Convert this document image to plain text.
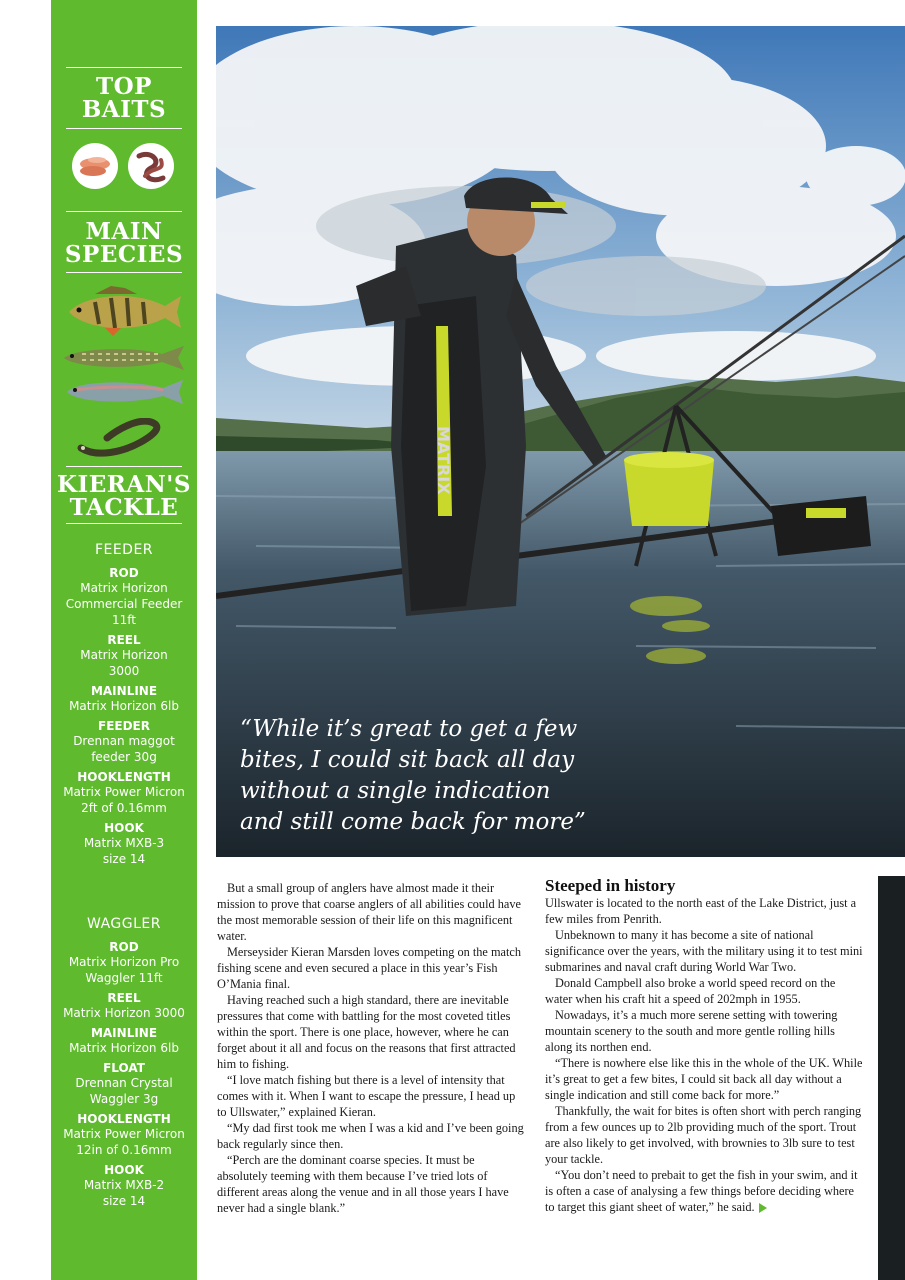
TOP
BAITS
MAIN
SPECIES
KIERAN'S
TACKLE
FEEDER
ROD
Matrix Horizon
Commercial Feeder
11ft
REEL
Matrix Horizon
3000
MAINLINE
Matrix Horizon 6lb
FEEDER
Drennan maggot
feeder 30g
HOOKLENGTH
Matrix Power Micron
2ft of 0.16mm
HOOK
Matrix MXB-3
size 14
WAGGLER
ROD
Matrix Horizon Pro
Waggler 11ft
REEL
Matrix Horizon 3000
MAINLINE
Matrix Horizon 6lb
FLOAT
Drennan Crystal
Waggler 3g
HOOKLENGTH
Matrix Power Micron
12in of 0.16mm
HOOK
Matrix MXB-2
size 14
MATRIX
“While it’s great to get a few
bites, I could sit back all day
without a single indication
and still come back for more”

But a small group of anglers have almost made it their mission to prove that coarse anglers of all abilities could have the most memorable session of their life on this magnificent water.

Merseysider Kieran Marsden loves competing on the match fishing scene and even secured a place in this year’s Fish O’Mania final.

Having reached such a high standard, there are inevitable pressures that come with battling for the most coveted titles within the sport. There is one place, however, where he can forget about it all and focus on the reasons that first attracted him to fishing.

“I love match fishing but there is a level of intensity that comes with it. When I want to escape the pressure, I head up to Ullswater,” explained Kieran.

“My dad first took me when I was a kid and I’ve been going back regularly since then.

“Perch are the dominant coarse species. It must be absolutely teeming with them because I’ve tried lots of different areas along the venue and in all those years I have never had a single blank.”

Steeped in history

Ullswater is located to the north east of the Lake District, just a few miles from Penrith.

Unbeknown to many it has become a site of national significance over the years, with the military using it to test mini submarines and naval craft during World War Two.

Donald Campbell also broke a world speed record on the water when his craft hit a speed of 202mph in 1955.

Nowadays, it’s a much more serene setting with towering mountain scenery to the south and more gentle rolling hills along its northen end.

“There is nowhere else like this in the whole of the UK. While it’s great to get a few bites, I could sit back all day without a single indication and still come back for more.”

Thankfully, the wait for bites is often short with perch ranging from a few ounces up to 2lb providing much of the sport. Trout are also likely to get involved, with brownies to 3lb sure to test your tackle.

“You don’t need to prebait to get the fish in your swim, and it is often a case of analysing a few things before deciding where to target this giant sheet of water,” he said.
